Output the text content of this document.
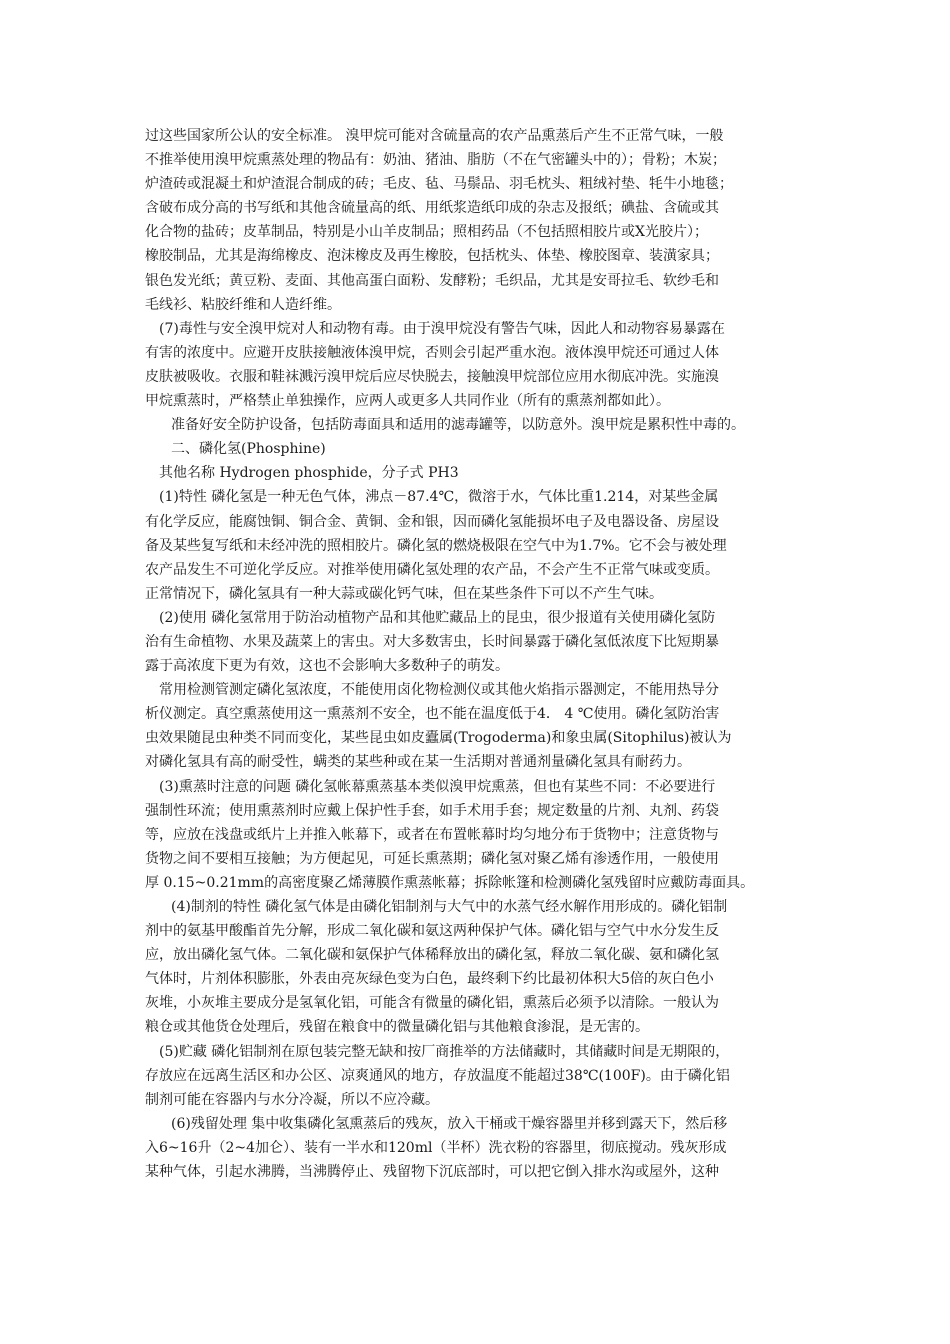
过这些国家所公认的安全标准。 溴甲烷可能对含硫量高的农产品熏蒸后产生不正常气味，一般
不推举使用溴甲烷熏蒸处理的物品有：奶油、猪油、脂肪（不在气密罐头中的）；骨粉；木炭；
炉渣砖或混凝土和炉渣混合制成的砖；毛皮、毡、马鬃品、羽毛枕头、粗绒衬垫、牦牛小地毯；
含破布成分高的书写纸和其他含硫量高的纸、用纸浆造纸印成的杂志及报纸；碘盐、含硫或其
化合物的盐砖；皮革制品，特别是小山羊皮制品；照相药品（不包括照相胶片或X光胶片）；
橡胶制品，尤其是海绵橡皮、泡沫橡皮及再生橡胶，包括枕头、体垫、橡胶图章、装潢家具；
银色发光纸；黄豆粉、麦面、其他高蛋白面粉、发酵粉；毛织品，尤其是安哥拉毛、软纱毛和
毛线衫、粘胶纤维和人造纤维。
(7)毒性与安全溴甲烷对人和动物有毒。由于溴甲烷没有警告气味，因此人和动物容易暴露在
有害的浓度中。应避开皮肤接触液体溴甲烷，否则会引起严重水泡。液体溴甲烷还可通过人体
皮肤被吸收。衣服和鞋袜溅污溴甲烷后应尽快脱去，接触溴甲烷部位应用水彻底冲洗。实施溴
甲烷熏蒸时，严格禁止单独操作，应两人或更多人共同作业（所有的熏蒸剂都如此）。
准备好安全防护设备，包括防毒面具和适用的滤毒罐等，以防意外。溴甲烷是累积性中毒的。
二、磷化氢(Phosphine)
其他名称 Hydrogen phosphide，分子式 PH3
(1)特性 磷化氢是一种无色气体，沸点－87.4℃，微溶于水，气体比重1.214，对某些金属
有化学反应，能腐蚀铜、铜合金、黄铜、金和银，因而磷化氢能损坏电子及电器设备、房屋设
备及某些复写纸和未经冲洗的照相胶片。磷化氢的燃烧极限在空气中为1.7%。它不会与被处理
农产品发生不可逆化学反应。对推举使用磷化氢处理的农产品，不会产生不正常气味或变质。
正常情况下，磷化氢具有一种大蒜或碳化钙气味，但在某些条件下可以不产生气味。
(2)使用 磷化氢常用于防治动植物产品和其他贮藏品上的昆虫，很少报道有关使用磷化氢防
治有生命植物、水果及蔬菜上的害虫。对大多数害虫，长时间暴露于磷化氢低浓度下比短期暴
露于高浓度下更为有效，这也不会影响大多数种子的萌发。
常用检测管测定磷化氢浓度，不能使用卤化物检测仪或其他火焰指示器测定，不能用热导分
析仪测定。真空熏蒸使用这一熏蒸剂不安全，也不能在温度低于4． 4 ℃使用。磷化氢防治害
虫效果随昆虫种类不同而变化，某些昆虫如皮蠹属(Trogoderma)和象虫属(Sitophilus)被认为
对磷化氢具有高的耐受性，螨类的某些种或在某一生活期对普通剂量磷化氢具有耐药力。
(3)熏蒸时注意的问题 磷化氢帐幕熏蒸基本类似溴甲烷熏蒸，但也有某些不同：不必要进行
强制性环流；使用熏蒸剂时应戴上保护性手套，如手术用手套；规定数量的片剂、丸剂、药袋
等，应放在浅盘或纸片上并推入帐幕下，或者在布置帐幕时均匀地分布于货物中；注意货物与
货物之间不要相互接触；为方便起见，可延长熏蒸期；磷化氢对聚乙烯有渗透作用，一般使用
厚 0.15~0.21mm的高密度聚乙烯薄膜作熏蒸帐幕；拆除帐篷和检测磷化氢残留时应戴防毒面具。
(4)制剂的特性 磷化氢气体是由磷化铝制剂与大气中的水蒸气经水解作用形成的。磷化铝制
剂中的氨基甲酸酯首先分解，形成二氧化碳和氨这两种保护气体。磷化铝与空气中水分发生反
应，放出磷化氢气体。二氧化碳和氨保护气体稀释放出的磷化氢，释放二氧化碳、氨和磷化氢
气体时，片剂体积膨胀，外表由亮灰绿色变为白色，最终剩下约比最初体积大5倍的灰白色小
灰堆，小灰堆主要成分是氢氧化铝，可能含有微量的磷化铝，熏蒸后必须予以清除。一般认为
粮仓或其他货仓处理后，残留在粮食中的微量磷化铝与其他粮食渗混，是无害的。
(5)贮藏 磷化铝制剂在原包装完整无缺和按厂商推举的方法储藏时，其储藏时间是无期限的，
存放应在远离生活区和办公区、凉爽通风的地方，存放温度不能超过38℃(100F)。由于磷化铝
制剂可能在容器内与水分冷凝，所以不应冷藏。
(6)残留处理 集中收集磷化氢熏蒸后的残灰，放入干桶或干燥容器里并移到露天下，然后移
入6~16升（2~4加仑）、装有一半水和120ml（半杯）洗衣粉的容器里，彻底搅动。残灰形成
某种气体，引起水沸腾，当沸腾停止、残留物下沉底部时，可以把它倒入排水沟或屋外，这种
